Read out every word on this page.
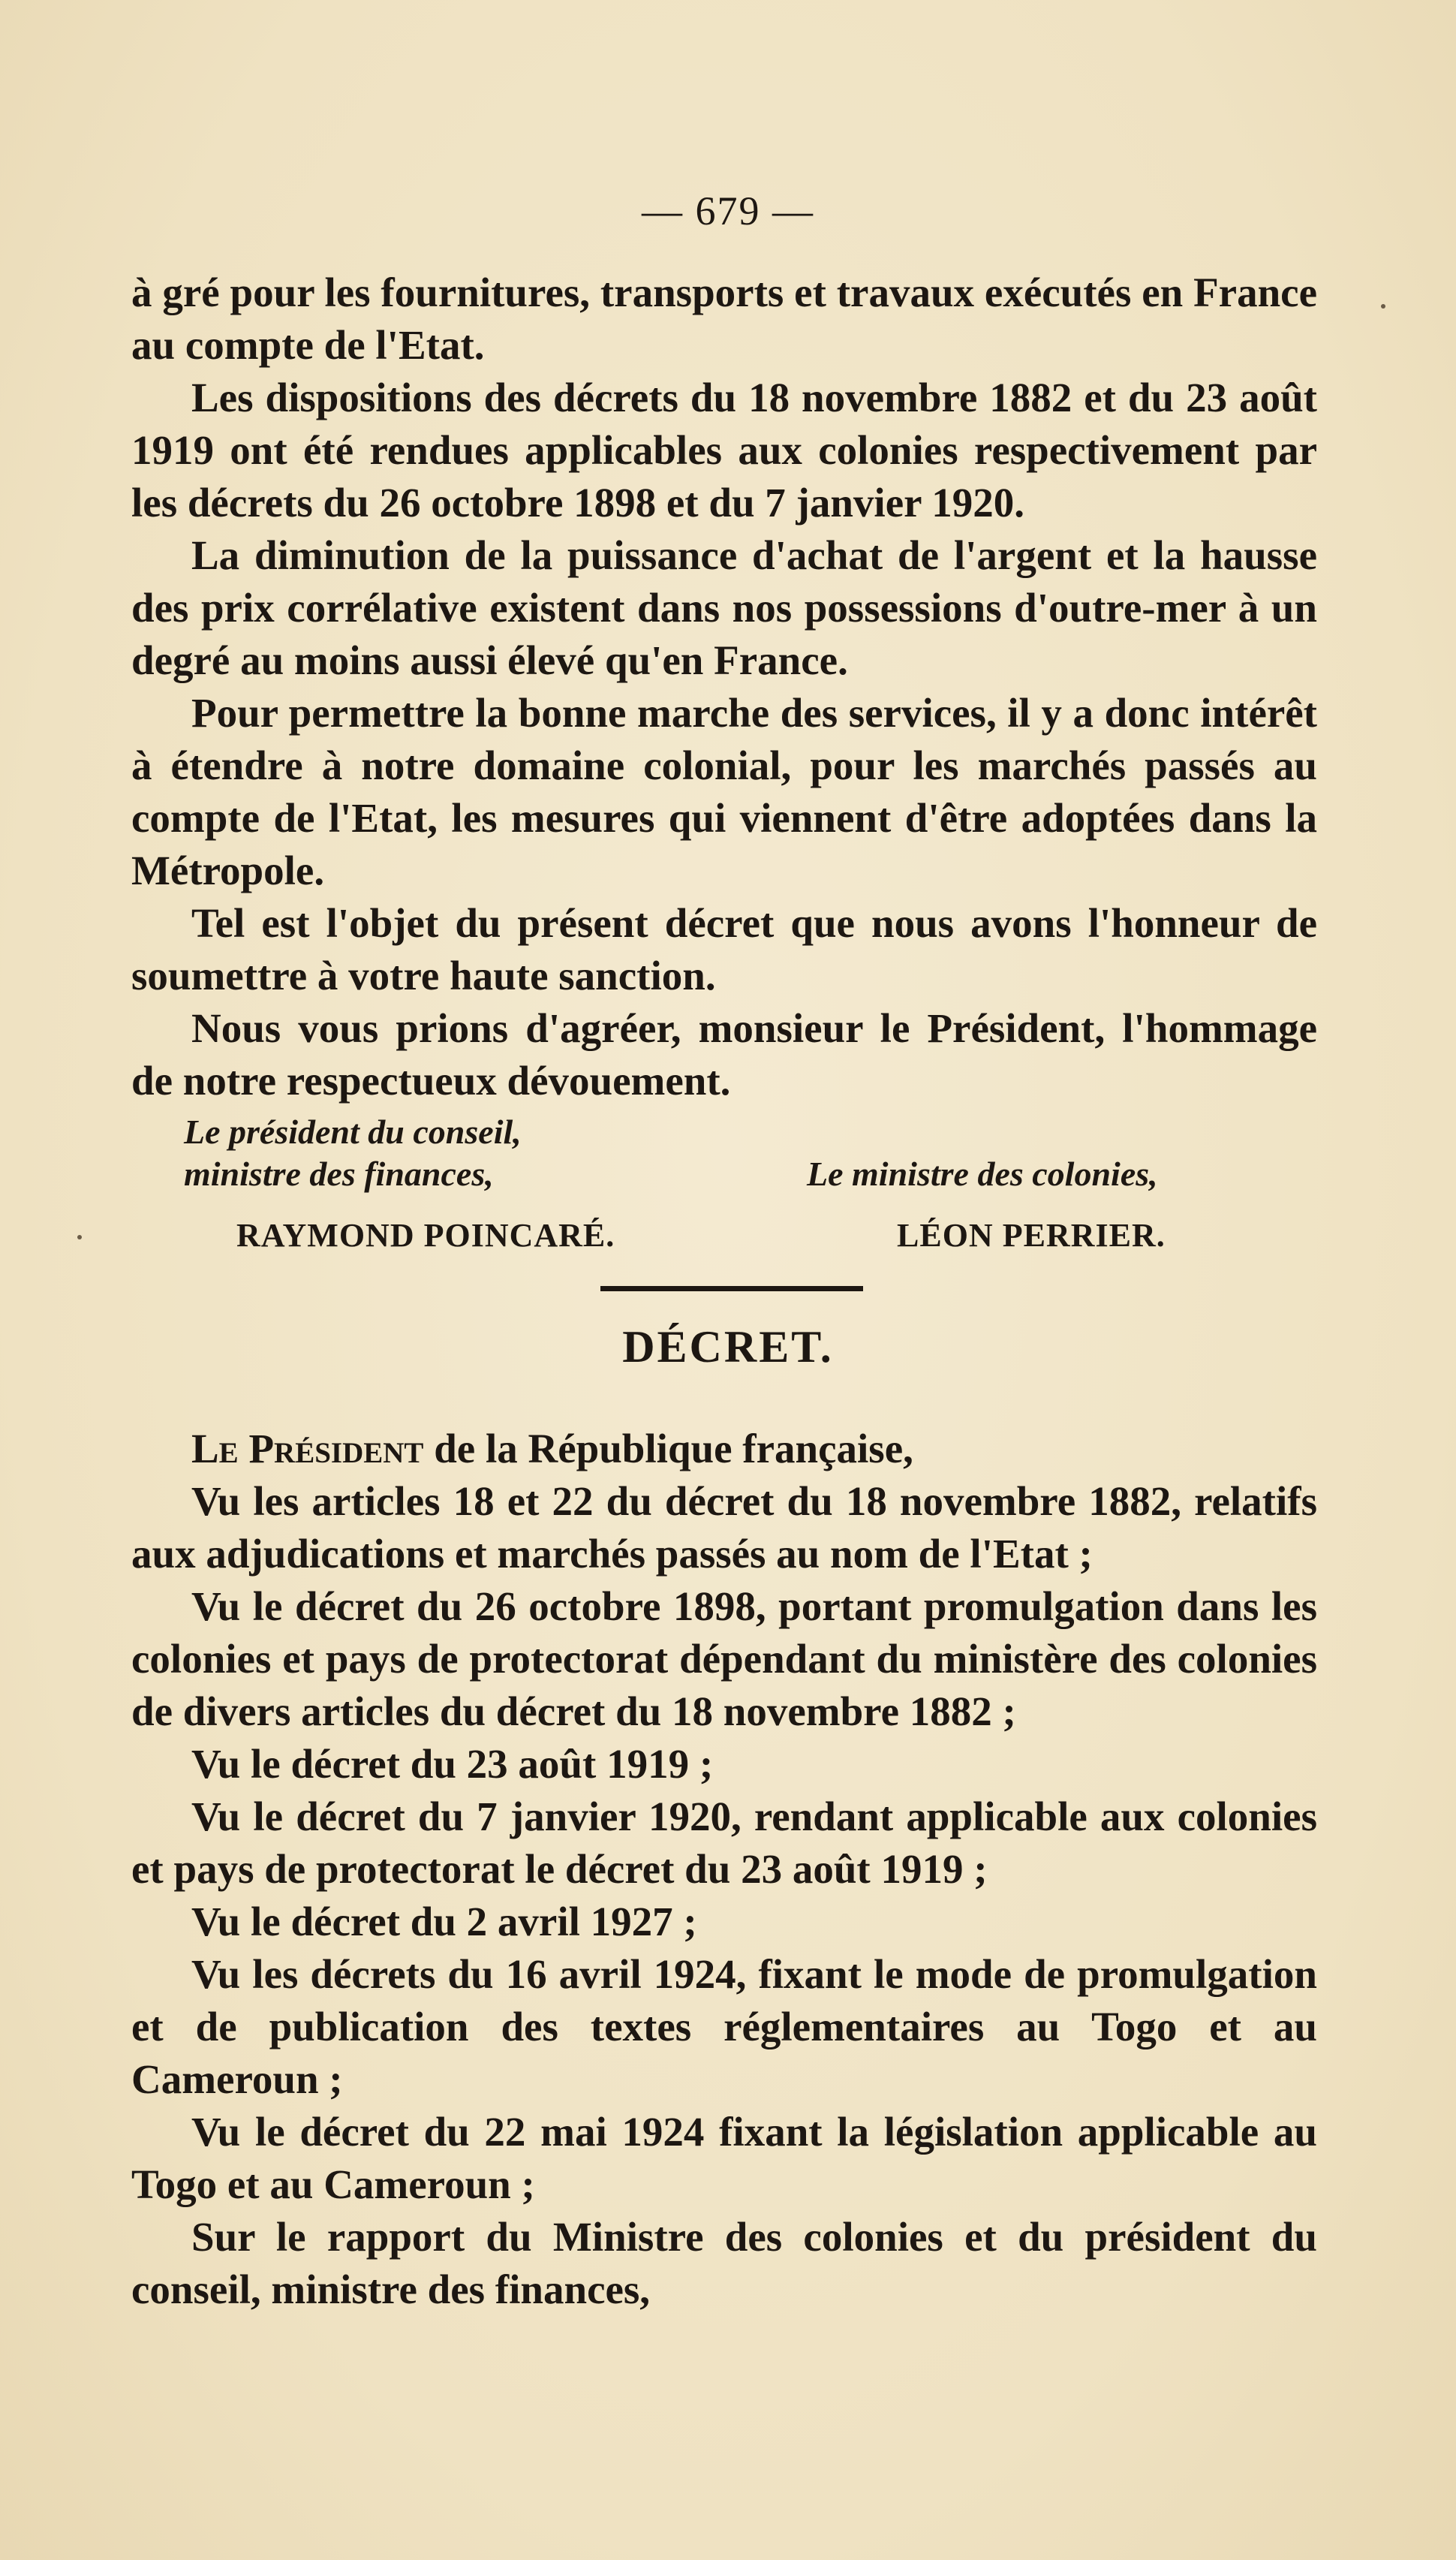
— 679 —

à gré pour les fournitures, transports et travaux exécutés en France au compte de l'Etat.

Les dispositions des décrets du 18 novembre 1882 et du 23 août 1919 ont été rendues applicables aux colonies respectivement par les décrets du 26 octobre 1898 et du 7 janvier 1920.

La diminution de la puissance d'achat de l'argent et la hausse des prix corrélative existent dans nos possessions d'outre-mer à un degré au moins aussi élevé qu'en France.

Pour permettre la bonne marche des services, il y a donc intérêt à étendre à notre domaine colonial, pour les marchés passés au compte de l'Etat, les mesures qui viennent d'être adoptées dans la Métropole.

Tel est l'objet du présent décret que nous avons l'honneur de soumettre à votre haute sanction.

Nous vous prions d'agréer, monsieur le Président, l'hommage de notre respectueux dévouement.

Le président du conseil,
ministre des finances,	Le ministre des colonies,
RAYMOND POINCARÉ.	LÉON PERRIER.
DÉCRET.

Le Président de la République française,

Vu les articles 18 et 22 du décret du 18 novembre 1882, relatifs aux adjudications et marchés passés au nom de l'Etat ;

Vu le décret du 26 octobre 1898, portant promulgation dans les colonies et pays de protectorat dépendant du ministère des colonies de divers articles du décret du 18 novembre 1882 ;

Vu le décret du 23 août 1919 ;

Vu le décret du 7 janvier 1920, rendant applicable aux colonies et pays de protectorat le décret du 23 août 1919 ;

Vu le décret du 2 avril 1927 ;

Vu les décrets du 16 avril 1924, fixant le mode de promulgation et de publication des textes réglementaires au Togo et au Cameroun ;

Vu le décret du 22 mai 1924 fixant la législation applicable au Togo et au Cameroun ;

Sur le rapport du Ministre des colonies et du président du conseil, ministre des finances,
